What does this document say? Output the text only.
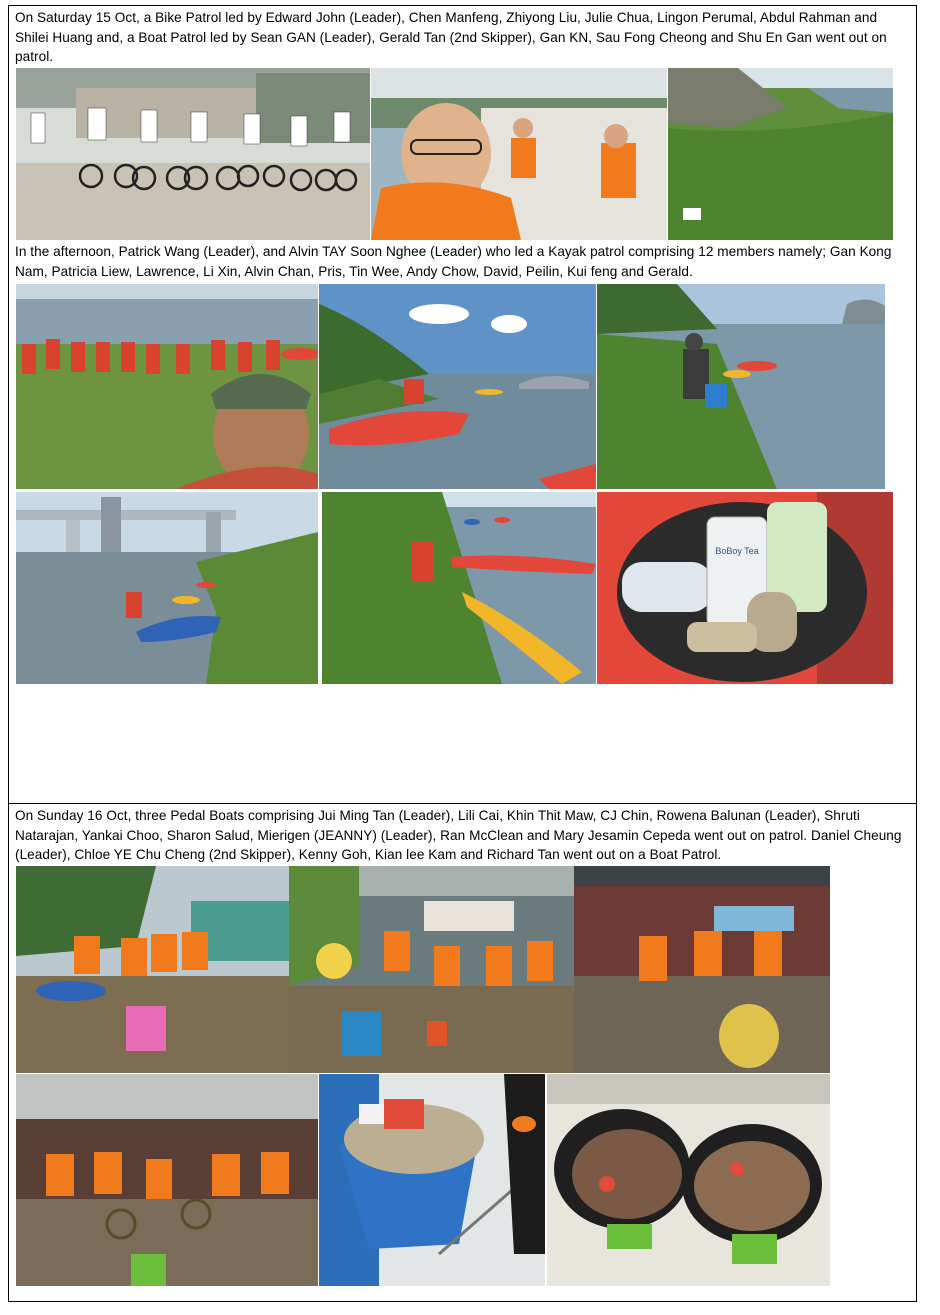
On Saturday 15 Oct, a Bike Patrol led by Edward John (Leader), Chen Manfeng, Zhiyong Liu, Julie Chua, Lingon Perumal, Abdul Rahman and Shilei Huang and, a Boat Patrol led by Sean GAN (Leader), Gerald Tan (2nd Skipper), Gan KN, Sau Fong Cheong and Shu En Gan went out on patrol.
In the afternoon, Patrick Wang (Leader), and Alvin TAY Soon Nghee (Leader) who led a Kayak patrol comprising 12 members namely; Gan Kong Nam, Patricia Liew, Lawrence, Li Xin, Alvin Chan, Pris, Tin Wee, Andy Chow, David, Peilin, Kui feng and Gerald.
BoBoy Tea
On Sunday 16 Oct, three Pedal Boats comprising Jui Ming Tan (Leader), Lili Cai, Khin Thit Maw, CJ Chin, Rowena Balunan (Leader), Shruti Natarajan, Yankai Choo, Sharon Salud, Mierigen (JEANNY) (Leader), Ran McClean and Mary Jesamin Cepeda went out on patrol. Daniel Cheung (Leader), Chloe YE Chu Cheng (2nd Skipper), Kenny Goh, Kian lee Kam and Richard Tan went out on a Boat Patrol.
